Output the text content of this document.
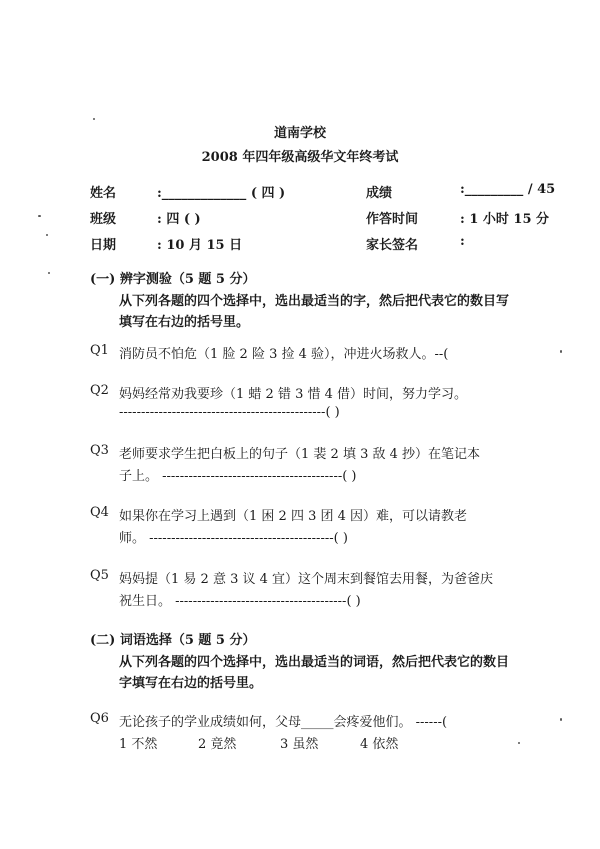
道南学校
2008 年四年级高级华文年终考试
姓名	:_____________ ( 四 )	成绩	:_________ / 45
班级	: 四 ( )	作答时间	: 1 小时 15 分
日期	: 10 月 15 日	家长签名	:
(一) 辨字测验（5 题 5 分）
从下列各题的四个选择中，选出最适当的字，然后把代表它的数目写
填写在右边的括号里。
Q1 消防员不怕危（1 脸 2 险 3 捡 4 验），冲进火场救人。--(
Q2 妈妈经常劝我要珍（1 蜡 2 错 3 惜 4 借）时间，努力学习。
-----------------------------------------------( )
Q3 老师要求学生把白板上的句子（1 裴 2 填 3 敌 4 抄）在笔记本
子上。 -----------------------------------------( )
Q4 如果你在学习上遇到（1 困 2 四 3 团 4 因）难，可以请教老
师。 ------------------------------------------( )
Q5 妈妈提（1 易 2 意 3 议 4 宜）这个周末到餐馆去用餐，为爸爸庆
祝生日。 ---------------------------------------( )
(二) 词语选择（5 题 5 分）
从下列各题的四个选择中，选出最适当的词语，然后把代表它的数目
字填写在右边的括号里。
Q6 无论孩子的学业成绩如何，父母_____会疼爱他们。 ------(
1 不然	2 竟然	3 虽然	4 依然
